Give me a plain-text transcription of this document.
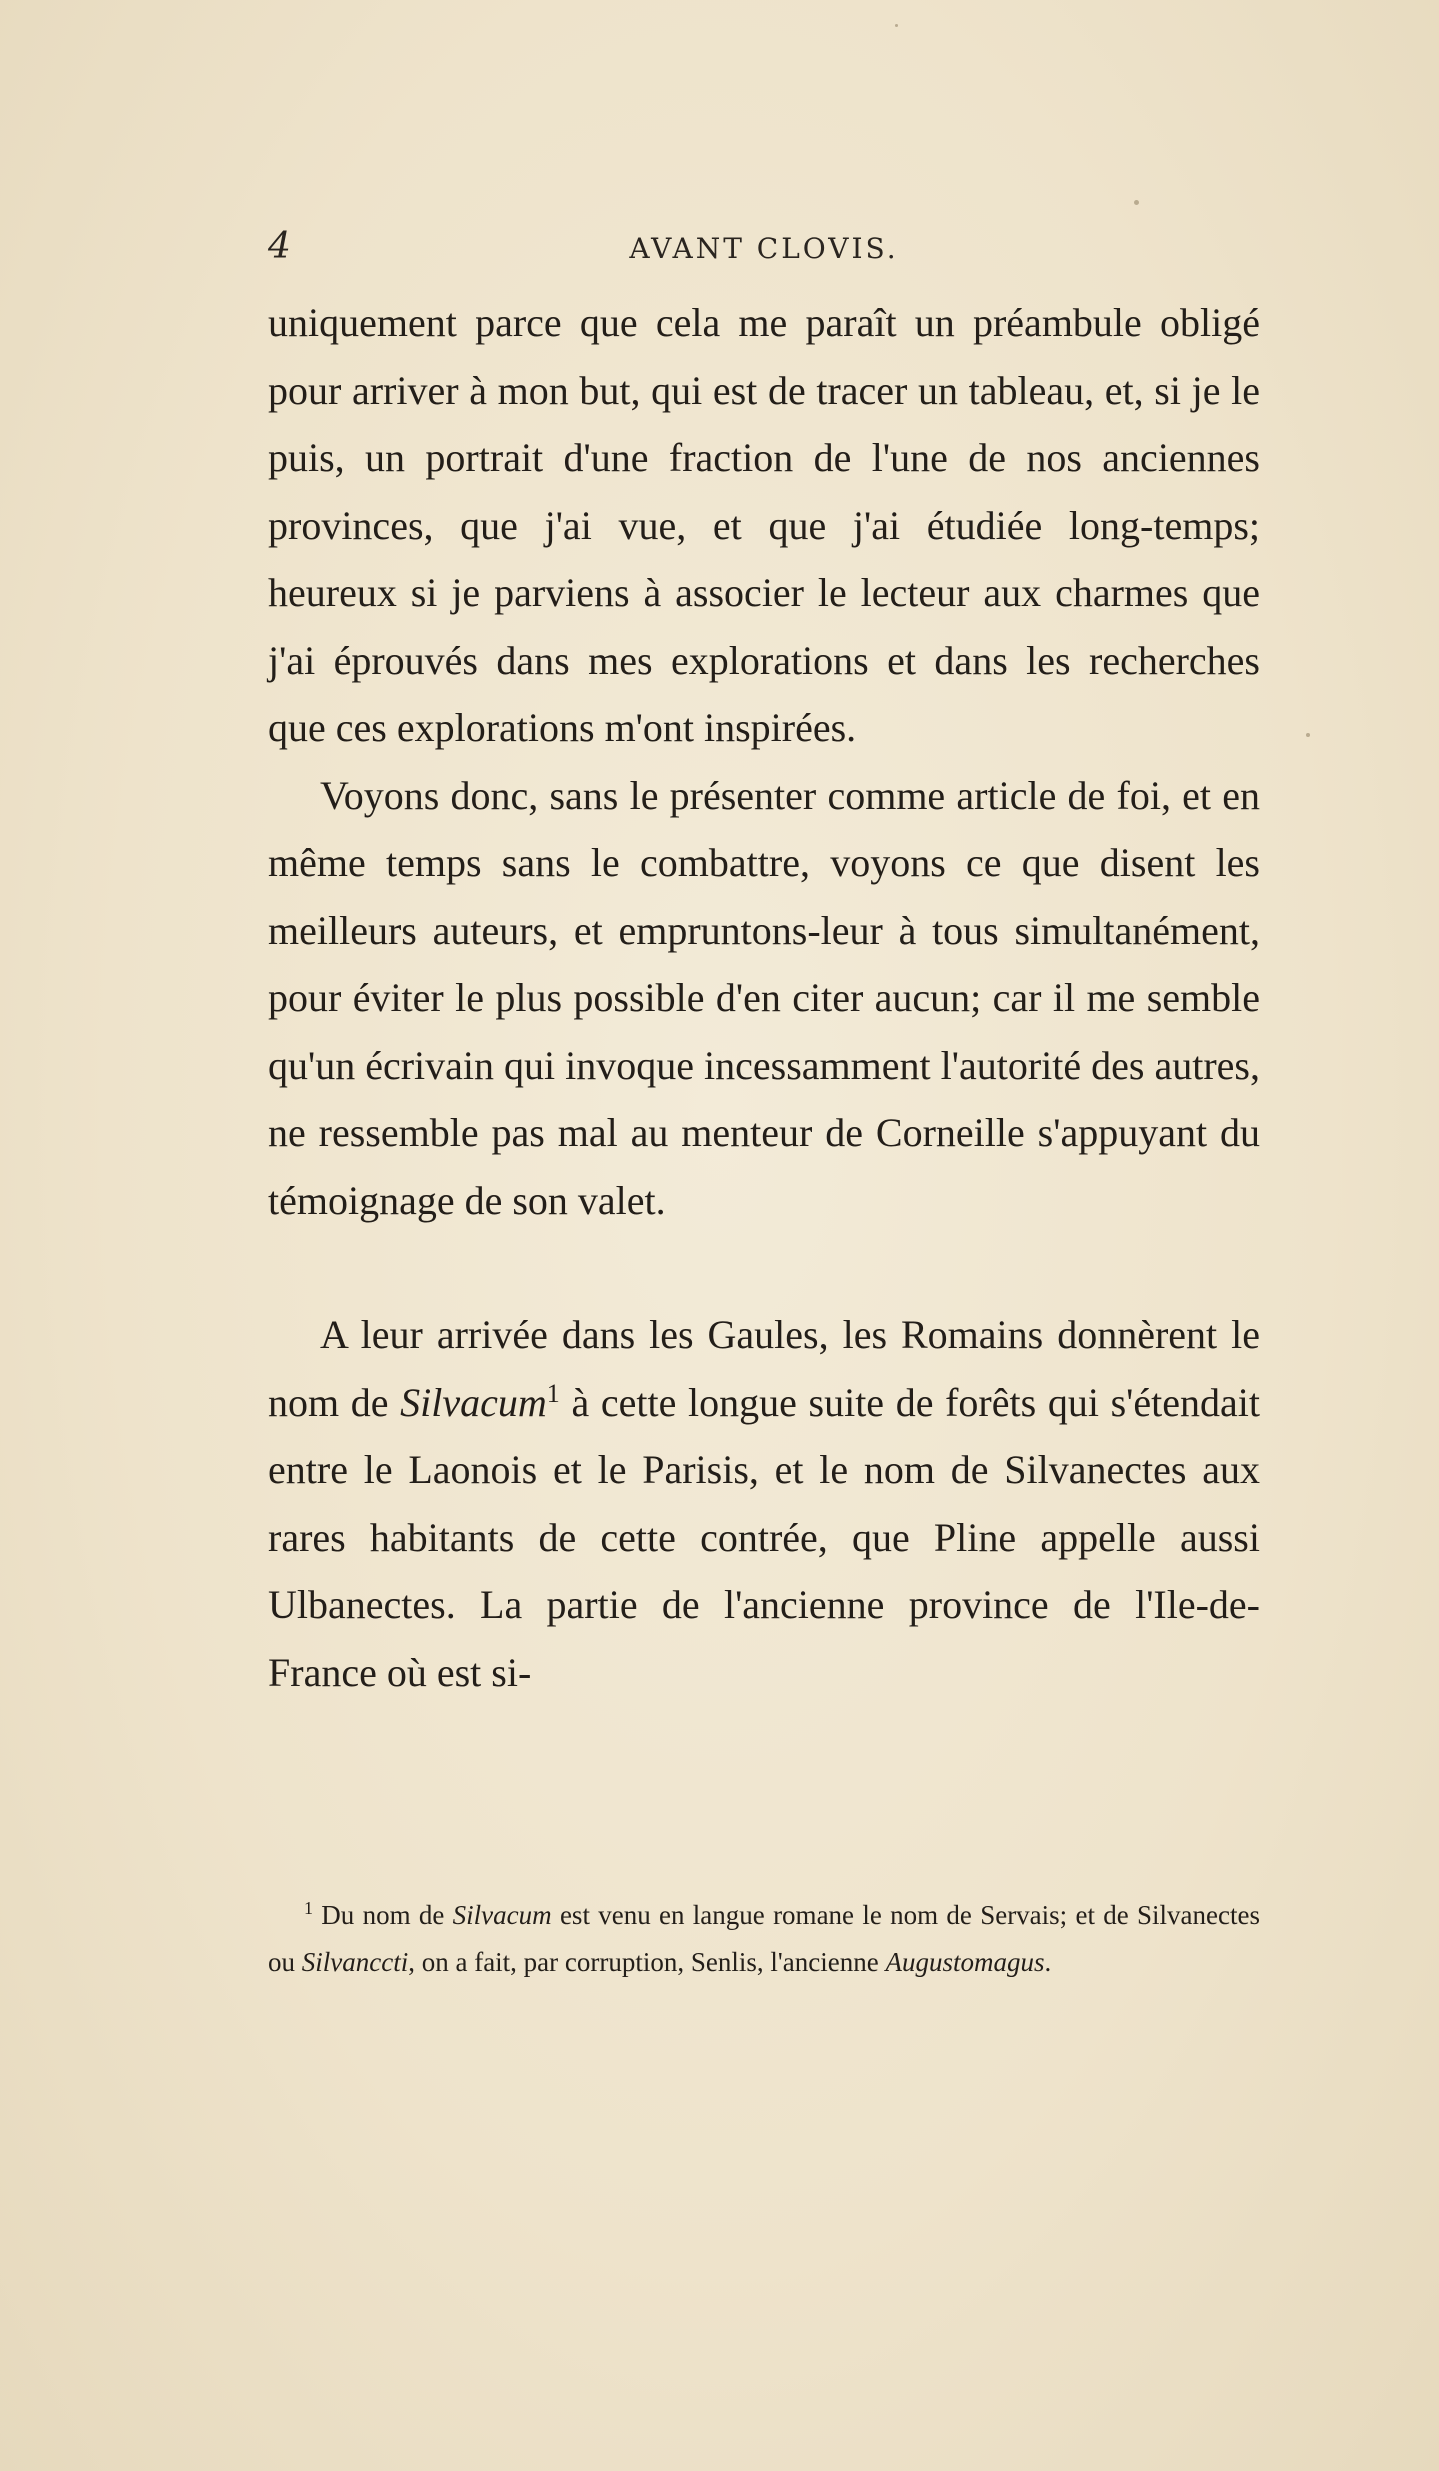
4	AVANT CLOVIS.

uniquement parce que cela me paraît un préambule obligé pour arriver à mon but, qui est de tracer un tableau, et, si je le puis, un portrait d'une fraction de l'une de nos anciennes provinces, que j'ai vue, et que j'ai étudiée long-temps; heureux si je parviens à associer le lecteur aux charmes que j'ai éprouvés dans mes explorations et dans les recherches que ces explorations m'ont inspirées.

Voyons donc, sans le présenter comme article de foi, et en même temps sans le combattre, voyons ce que disent les meilleurs auteurs, et empruntons-leur à tous simultanément, pour éviter le plus possible d'en citer aucun; car il me semble qu'un écrivain qui invoque incessamment l'autorité des autres, ne ressemble pas mal au menteur de Corneille s'appuyant du témoignage de son valet.

A leur arrivée dans les Gaules, les Romains donnèrent le nom de Silvacum$^1$ à cette longue suite de forêts qui s'étendait entre le Laonois et le Parisis, et le nom de Silvanectes aux rares habitants de cette contrée, que Pline appelle aussi Ulbanectes. La partie de l'ancienne province de l'Ile-de-France où est si-

$^1$ Du nom de Silvacum est venu en langue romane le nom de Servais; et de Silvanectes ou Silvanccti, on a fait, par corruption, Senlis, l'ancienne Augustomagus.
